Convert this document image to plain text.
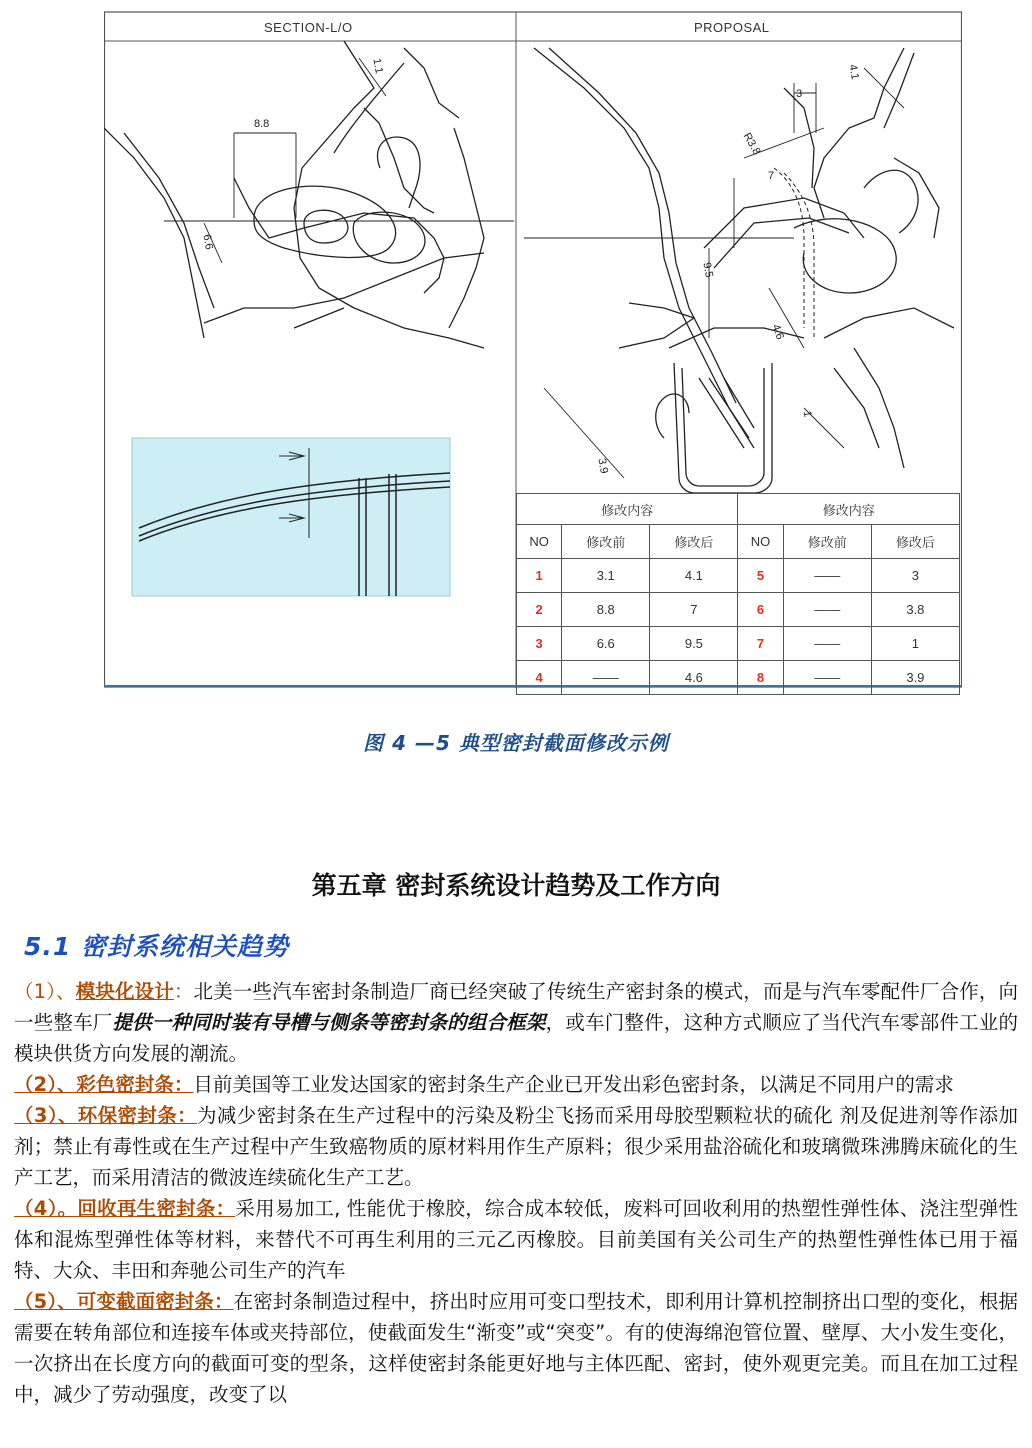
SECTION-L/O	PROPOSAL
1.1
8.8
6.6
4.1
3
R3.8
7
9.5
4.6
1
3.9
修改内容			修改内容		
NO	修改前	修改后	NO	修改前	修改后
1	3.1	4.1	5	——	3
2	8.8	7	6	——	3.8
3	6.6	9.5	7	——	1
4	——	4.6	8	——	3.9
图 4 —5 典型密封截面修改示例
第五章 密封系统设计趋势及工作方向
5.1 密封系统相关趋势

（1）、模块化设计：北美一些汽车密封条制造厂商已经突破了传统生产密封条的模式，而是与汽车零配件厂合作，向一些整车厂提供一种同时装有导槽与侧条等密封条的组合框架，或车门整件，这种方式顺应了当代汽车零部件工业的模块供货方向发展的潮流。

（2）、彩色密封条：目前美国等工业发达国家的密封条生产企业已开发出彩色密封条，以满足不同用户的需求

（3）、环保密封条：为减少密封条在生产过程中的污染及粉尘飞扬而采用母胶型颗粒状的硫化 剂及促进剂等作添加剂；禁止有毒性或在生产过程中产生致癌物质的原材料用作生产原料；很少采用盐浴硫化和玻璃微珠沸腾床硫化的生产工艺，而采用清洁的微波连续硫化生产工艺。

（4）。回收再生密封条：采用易加工, 性能优于橡胶，综合成本较低，废料可回收利用的热塑性弹性体、浇注型弹性体和混炼型弹性体等材料，来替代不可再生利用的三元乙丙橡胶。目前美国有关公司生产的热塑性弹性体已用于福特、大众、丰田和奔驰公司生产的汽车

（5）、可变截面密封条：在密封条制造过程中，挤出时应用可变口型技术，即利用计算机控制挤出口型的变化，根据需要在转角部位和连接车体或夹持部位，使截面发生“渐变”或“突变”。有的使海绵泡管位置、壁厚、大小发生变化，一次挤出在长度方向的截面可变的型条，这样使密封条能更好地与主体匹配、密封，使外观更完美。而且在加工过程中，减少了劳动强度，改变了以
